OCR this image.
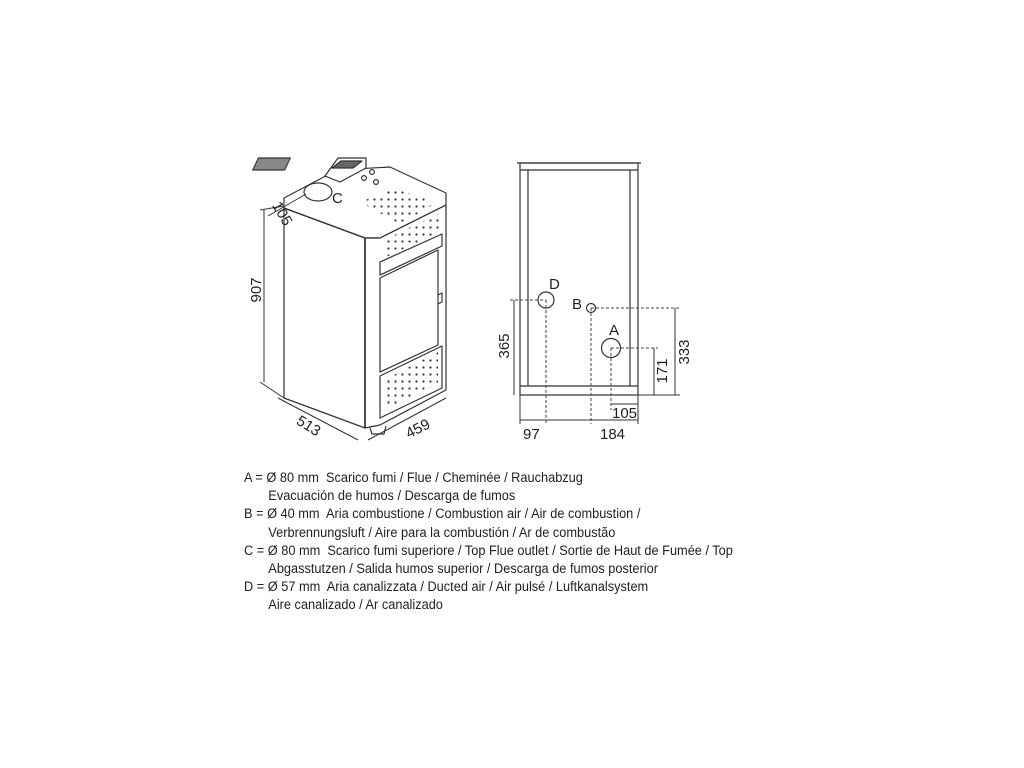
907
105
513	459
C
365	333
171
97	184
105
D
B
A
A = Ø 80 mm Scarico fumi / Flue / Cheminée / Rauchabzug
Evacuación de humos / Descarga de fumos
B = Ø 40 mm Aria combustione / Combustion air / Air de combustion /
Verbrennungsluft / Aire para la combustión / Ar de combustão
C = Ø 80 mm Scarico fumi superiore / Top Flue outlet / Sortie de Haut de Fumée / Top
Abgasstutzen / Salida humos superior / Descarga de fumos posterior
D = Ø 57 mm Aria canalizzata / Ducted air / Air pulsé / Luftkanalsystem
Aire canalizado / Ar canalizado
